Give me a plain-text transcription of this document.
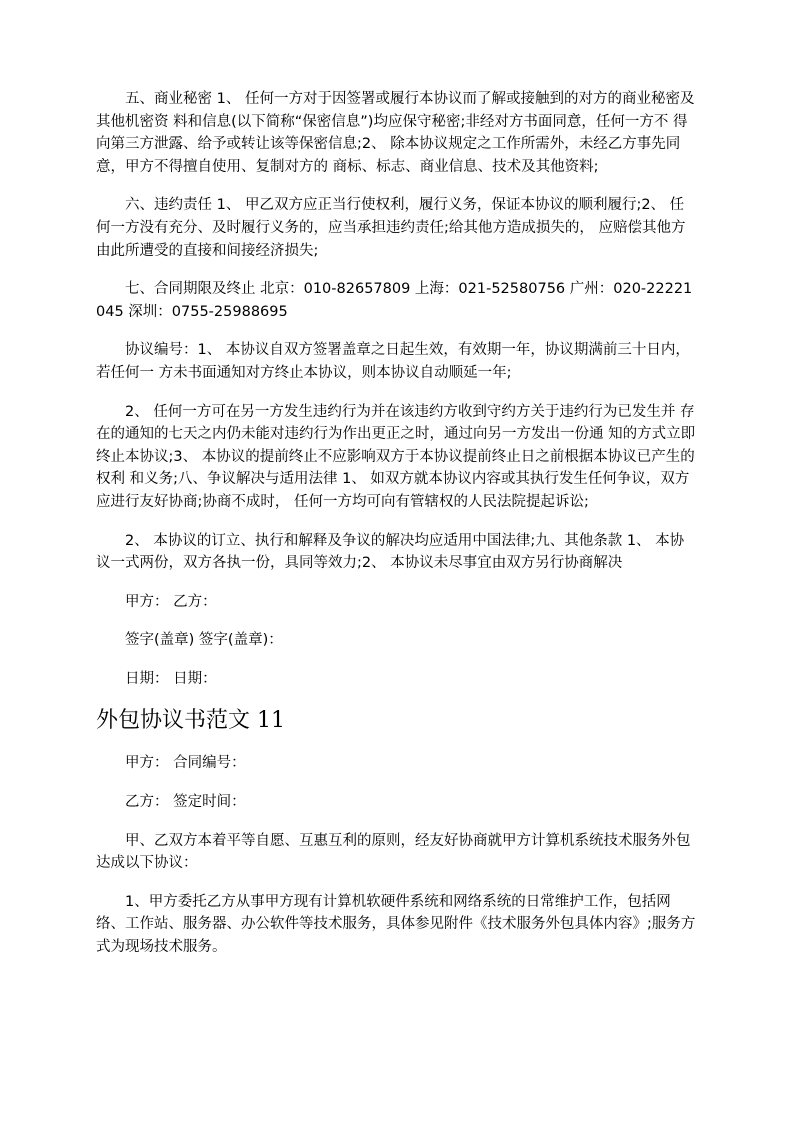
五、商业秘密 1、 任何一方对于因签署或履行本协议而了解或接触到的对方的商业秘密及其他机密资 料和信息(以下简称“保密信息”)均应保守秘密;非经对方书面同意，任何一方不 得向第三方泄露、给予或转让该等保密信息;2、 除本协议规定之工作所需外，未经乙方事先同意，甲方不得擅自使用、复制对方的 商标、标志、商业信息、技术及其他资料;

六、违约责任 1、 甲乙双方应正当行使权利，履行义务，保证本协议的顺利履行;2、 任何一方没有充分、及时履行义务的，应当承担违约责任;给其他方造成损失的， 应赔偿其他方由此所遭受的直接和间接经济损失;

七、合同期限及终止 北京：010-82657809 上海：021-52580756 广州：020-22221045 深圳：0755-25988695

协议编号：1、 本协议自双方签署盖章之日起生效，有效期一年，协议期满前三十日内，若任何一 方未书面通知对方终止本协议，则本协议自动顺延一年;

2、 任何一方可在另一方发生违约行为并在该违约方收到守约方关于违约行为已发生并 存在的通知的七天之内仍未能对违约行为作出更正之时，通过向另一方发出一份通 知的方式立即终止本协议;3、 本协议的提前终止不应影响双方于本协议提前终止日之前根据本协议已产生的权利 和义务;八、争议解决与适用法律 1、 如双方就本协议内容或其执行发生任何争议，双方应进行友好协商;协商不成时， 任何一方均可向有管辖权的人民法院提起诉讼;

2、 本协议的订立、执行和解释及争议的解决均应适用中国法律;九、其他条款 1、 本协议一式两份，双方各执一份，具同等效力;2、 本协议未尽事宜由双方另行协商解决

甲方： 乙方：

签字(盖章) 签字(盖章)：

日期： 日期：

外包协议书范文 11

甲方： 合同编号：

乙方： 签定时间：

甲、乙双方本着平等自愿、互惠互利的原则，经友好协商就甲方计算机系统技术服务外包达成以下协议：

1、甲方委托乙方从事甲方现有计算机软硬件系统和网络系统的日常维护工作，包括网络、工作站、服务器、办公软件等技术服务，具体参见附件《技术服务外包具体内容》;服务方式为现场技术服务。
